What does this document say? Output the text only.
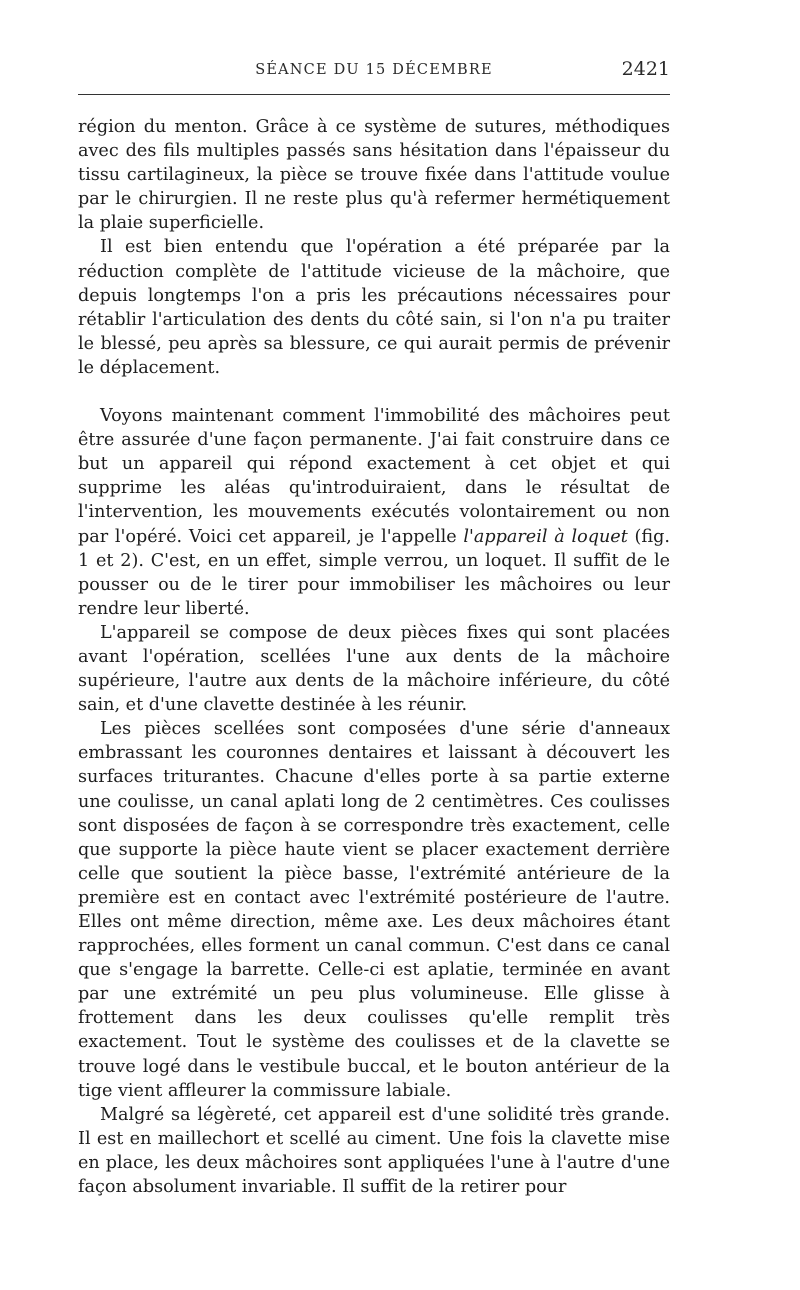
SÉANCE DU 15 DÉCEMBRE	2421

région du menton. Grâce à ce système de sutures, méthodiques avec des fils multiples passés sans hésitation dans l'épaisseur du tissu cartilagineux, la pièce se trouve fixée dans l'attitude voulue par le chirurgien. Il ne reste plus qu'à refermer hermétiquement la plaie superficielle.

Il est bien entendu que l'opération a été préparée par la réduction complète de l'attitude vicieuse de la mâchoire, que depuis longtemps l'on a pris les précautions nécessaires pour rétablir l'articulation des dents du côté sain, si l'on n'a pu traiter le blessé, peu après sa blessure, ce qui aurait permis de prévenir le déplacement.

Voyons maintenant comment l'immobilité des mâchoires peut être assurée d'une façon permanente. J'ai fait construire dans ce but un appareil qui répond exactement à cet objet et qui supprime les aléas qu'introduiraient, dans le résultat de l'intervention, les mouvements exécutés volontairement ou non par l'opéré. Voici cet appareil, je l'appelle l'appareil à loquet (fig. 1 et 2). C'est, en un effet, simple verrou, un loquet. Il suffit de le pousser ou de le tirer pour immobiliser les mâchoires ou leur rendre leur liberté.

L'appareil se compose de deux pièces fixes qui sont placées avant l'opération, scellées l'une aux dents de la mâchoire supérieure, l'autre aux dents de la mâchoire inférieure, du côté sain, et d'une clavette destinée à les réunir.

Les pièces scellées sont composées d'une série d'anneaux embrassant les couronnes dentaires et laissant à découvert les surfaces triturantes. Chacune d'elles porte à sa partie externe une coulisse, un canal aplati long de 2 centimètres. Ces coulisses sont disposées de façon à se correspondre très exactement, celle que supporte la pièce haute vient se placer exactement derrière celle que soutient la pièce basse, l'extrémité antérieure de la première est en contact avec l'extrémité postérieure de l'autre. Elles ont même direction, même axe. Les deux mâchoires étant rapprochées, elles forment un canal commun. C'est dans ce canal que s'engage la barrette. Celle-ci est aplatie, terminée en avant par une extrémité un peu plus volumineuse. Elle glisse à frottement dans les deux coulisses qu'elle remplit très exactement. Tout le système des coulisses et de la clavette se trouve logé dans le vestibule buccal, et le bouton antérieur de la tige vient affleurer la commissure labiale.

Malgré sa légèreté, cet appareil est d'une solidité très grande. Il est en maillechort et scellé au ciment. Une fois la clavette mise en place, les deux mâchoires sont appliquées l'une à l'autre d'une façon absolument invariable. Il suffit de la retirer pour
